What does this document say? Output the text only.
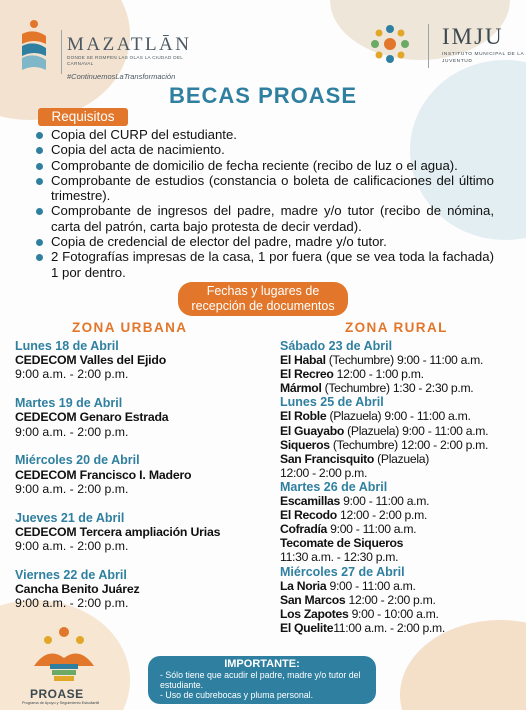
MAZATLĀN
DONDE SE ROMPEN LAS OLAS LA CIUDAD DEL CARNAVAL
#ContinuemosLaTransformación
IMJU
INSTITUTO MUNICIPAL DE LA JUVENTUD
BECAS PROASE
Requisitos
Copia del CURP del estudiante.
Copia del acta de nacimiento.
Comprobante de domicilio de fecha reciente (recibo de luz o el agua).
Comprobante de estudios (constancia o boleta de calificaciones del último trimestre).
Comprobante de ingresos del padre, madre y/o tutor (recibo de nómina, carta del patrón, carta bajo protesta de decir verdad).
Copia de credencial de elector del padre, madre y/o tutor.
2 Fotografías impresas de la casa, 1 por fuera (que se vea toda la fachada) 1 por dentro.
Fechas y lugares de recepción de documentos
ZONA URBANA	ZONA RURAL
Lunes 18 de Abril
CEDECOM Valles del Ejido
9:00 a.m. - 2:00 p.m.
Martes 19 de Abril
CEDECOM Genaro Estrada
9:00 a.m. - 2:00 p.m.
Miércoles 20 de Abril
CEDECOM Francisco I. Madero
9:00 a.m. - 2:00 p.m.
Jueves 21 de Abril
CEDECOM Tercera ampliación Urias
9:00 a.m. - 2:00 p.m.
Viernes 22 de Abril
Cancha Benito Juárez
9:00 a.m. - 2:00 p.m.
Sábado 23 de Abril
El Habal (Techumbre) 9:00 - 11:00 a.m.
El Recreo 12:00 - 1:00 p.m.
Mármol (Techumbre) 1:30 - 2:30 p.m.
Lunes 25 de Abril
El Roble (Plazuela) 9:00 - 11:00 a.m.
El Guayabo (Plazuela) 9:00 - 11:00 a.m.
Siqueros (Techumbre) 12:00 - 2:00 p.m.
San Francisquito (Plazuela)
12:00 - 2:00 p.m.
Martes 26 de Abril
Escamillas 9:00 - 11:00 a.m.
El Recodo 12:00 - 2:00 p.m.
Cofradía 9:00 - 11:00 a.m.
Tecomate de Siqueros
11:30 a.m. - 12:30 p.m.
Miércoles 27 de Abril
La Noria 9:00 - 11:00 a.m.
San Marcos 12:00 - 2:00 p.m.
Los Zapotes 9:00 - 10:00 a.m.
El Quelite11:00 a.m. - 2:00 p.m.
PROASE
Programa de Apoyo y Seguimiento Estudiantil
IMPORTANTE:
- Sólo tiene que acudir el padre, madre y/o tutor del estudiante.
- Uso de cubrebocas y pluma personal.
